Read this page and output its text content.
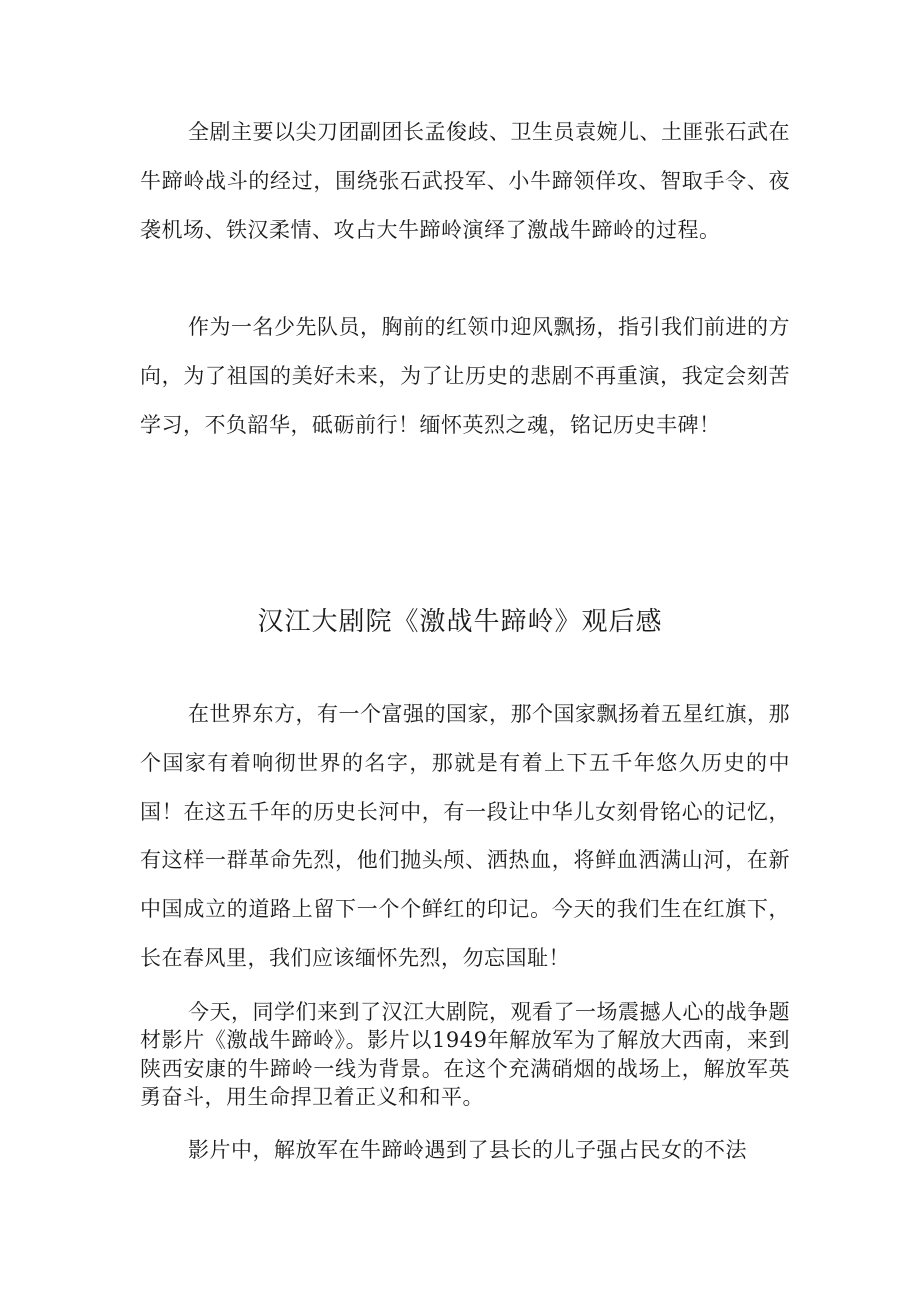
全剧主要以尖刀团副团长孟俊歧、卫生员袁婉儿、土匪张石武在牛蹄岭战斗的经过，围绕张石武投军、小牛蹄领佯攻、智取手令、夜袭机场、铁汉柔情、攻占大牛蹄岭演绎了激战牛蹄岭的过程。

作为一名少先队员，胸前的红领巾迎风飘扬，指引我们前进的方向，为了祖国的美好未来，为了让历史的悲剧不再重演，我定会刻苦学习，不负韶华，砥砺前行！缅怀英烈之魂，铭记历史丰碑！

汉江大剧院《激战牛蹄岭》观后感

在世界东方，有一个富强的国家，那个国家飘扬着五星红旗，那个国家有着响彻世界的名字，那就是有着上下五千年悠久历史的中国！在这五千年的历史长河中，有一段让中华儿女刻骨铭心的记忆，有这样一群革命先烈，他们抛头颅、洒热血，将鲜血洒满山河，在新中国成立的道路上留下一个个鲜红的印记。今天的我们生在红旗下，长在春风里，我们应该缅怀先烈，勿忘国耻！

今天，同学们来到了汉江大剧院，观看了一场震撼人心的战争题材影片《激战牛蹄岭》。影片以1949年解放军为了解放大西南，来到陕西安康的牛蹄岭一线为背景。在这个充满硝烟的战场上，解放军英勇奋斗，用生命捍卫着正义和和平。

影片中，解放军在牛蹄岭遇到了县长的儿子强占民女的不法
